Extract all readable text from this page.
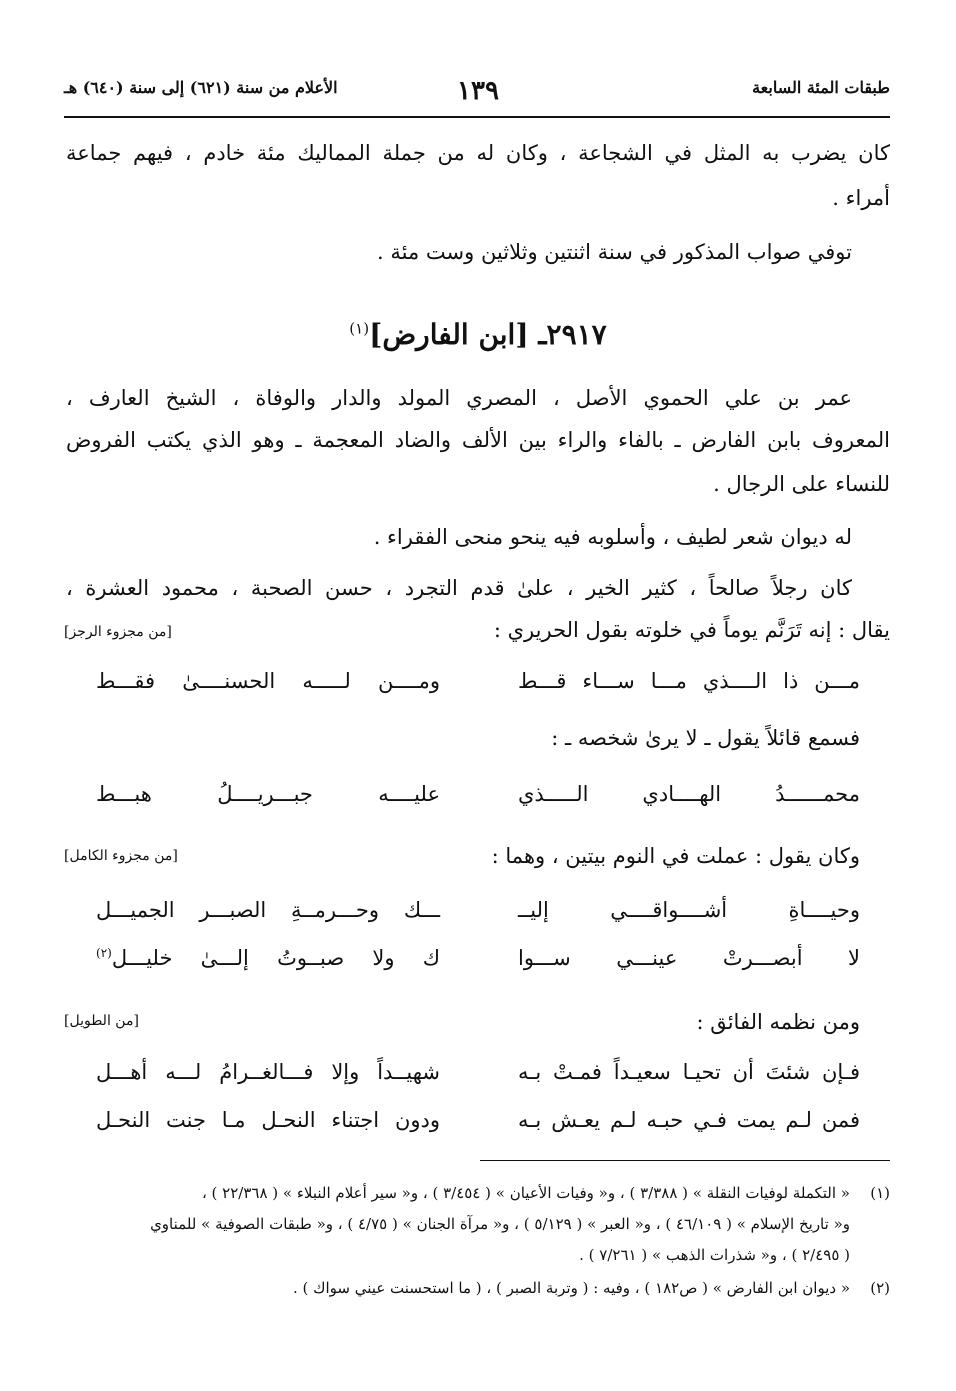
طبقات المئة السابعة
١٣٩
الأعلام من سنة (٦٢١) إلى سنة (٦٤٠) هـ
كان يضرب به المثل في الشجاعة ، وكان له من جملة المماليك مئة خادم ، فيهم جماعة
أمراء .
توفي صواب المذكور في سنة اثنتين وثلاثين وست مئة .
٢٩١٧ـ [ابن الفارض]$^{(١)}$
عمر بن علي الحموي الأصل ، المصري المولد والدار والوفاة ، الشيخ العارف ،
المعروف بابن الفارض ـ بالفاء والراء بين الألف والضاد المعجمة ـ وهو الذي يكتب الفروض
للنساء على الرجال .
له ديوان شعر لطيف ، وأسلوبه فيه ينحو منحى الفقراء .
كان رجلاً صالحاً ، كثير الخير ، علىٰ قدم التجرد ، حسن الصحبة ، محمود العشرة ،
يقال : إنه تَرَنَّم يوماً في خلوته بقول الحريري :
[من مجزوء الرجز]
مـــن ذا الــــذي مـــا ســـاء قـــط
ومــــن لـــــه الحسنــــىٰ فقـــط
فسمع قائلاً يقول ـ لا يرىٰ شخصه ـ :
محمــــــدُ الهــــادي الـــــذي
عليــــه جبـــريــــلُ هبـــط
وكان يقول : عملت في النوم بيتين ، وهما :
[من مجزوء الكامل]
وحيــــاةِ أشــــواقــــي إليــ
ـــك وحـــرمــةِ الصبـــر الجميـــل
لا أبصـــرتْ عينـــي ســـوا
ك ولا صبــوتُ إلـــىٰ خليـــل$^{(٢)}$
ومن نظمه الفائق :
[من الطويل]
فـإن شئتَ أن تحيـا سعيـداً فمـتْ بـه
شهيــداً وإلا فـــالغــرامُ لـــه أهـــل
فمن لـم يمت فـي حبـه لـم يعـش بـه
ودون اجتناء النحـل مـا جنت النحـل
(١)« التكملة لوفيات النقلة » ( ٣/٣٨٨ ) ، و« وفيات الأعيان » ( ٣/٤٥٤ ) ، و« سير أعلام النبلاء » ( ٢٢/٣٦٨ ) ،
و« تاريخ الإسلام » ( ٤٦/١٠٩ ) ، و« العبر » ( ٥/١٢٩ ) ، و« مرآة الجنان » ( ٤/٧٥ ) ، و« طبقات الصوفية » للمناوي
( ٢/٤٩٥ ) ، و« شذرات الذهب » ( ٧/٢٦١ ) .
(٢)« ديوان ابن الفارض » ( ص١٨٢ ) ، وفيه : ( وتربة الصبر ) ، ( ما استحسنت عيني سواك ) .
